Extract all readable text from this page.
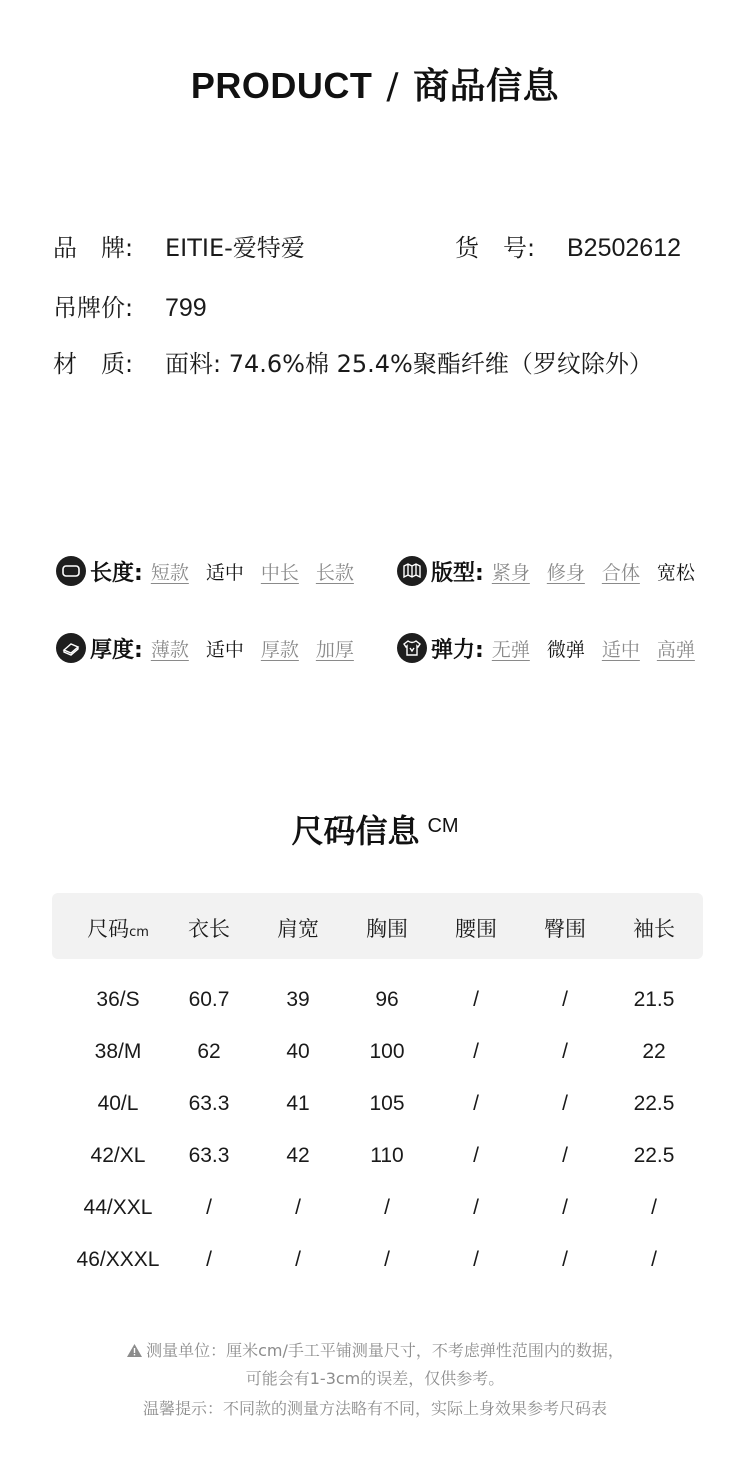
PRODUCT / 商品信息
品　牌: EITIE-爱特爱	货　号: B2502612
吊牌价: 799
材　质: 面料: 74.6%棉 25.4%聚酯纤维（罗纹除外）
长度: 短款 适中 中长 长款	版型: 紧身 修身 合体 宽松
厚度: 薄款 适中 厚款 加厚	弹力: 无弹 微弹 适中 高弹
尺码信息 $^{CM}$
尺码cm	衣长	肩宽	胸围	腰围	臀围	袖长
36/S	60.7	39	96	/	/	21.5
38/M	62	40	100	/	/	22
40/L	63.3	41	105	/	/	22.5
42/XL	63.3	42	110	/	/	22.5
44/XXL	/	/	/	/	/	/
46/XXXL	/	/	/	/	/	/
测量单位：厘米cm/手工平铺测量尺寸，不考虑弹性范围内的数据，
可能会有1-3cm的误差，仅供参考。
温馨提示：不同款的测量方法略有不同，实际上身效果参考尺码表
